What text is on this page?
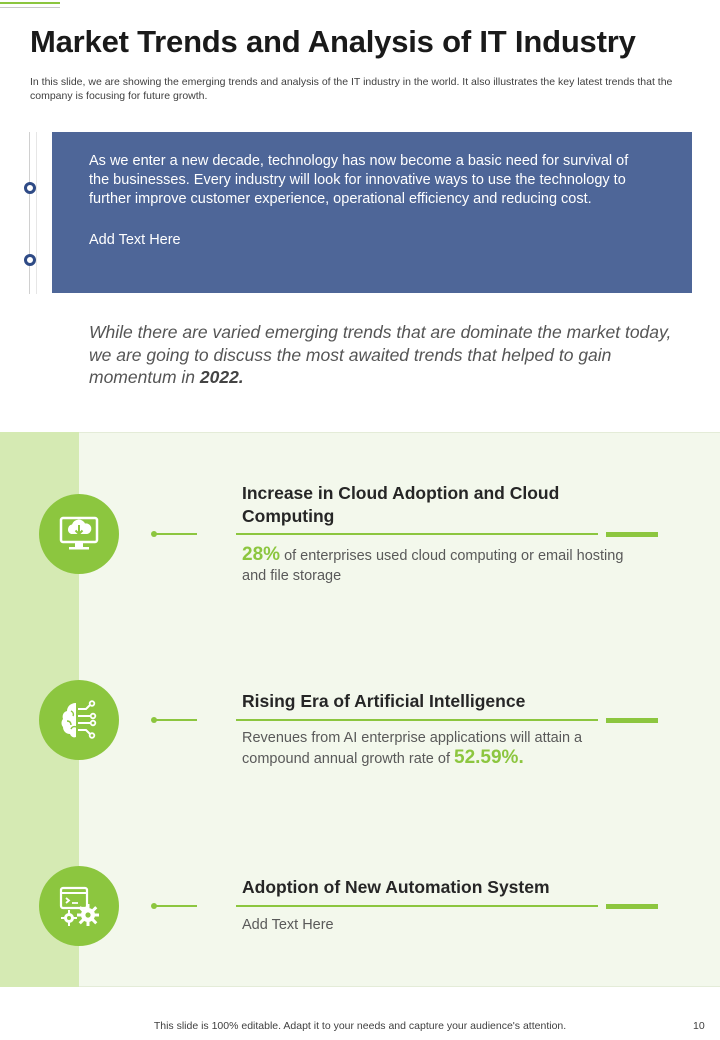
Market Trends and Analysis of IT Industry

In this slide, we are showing the emerging trends and analysis of the IT industry in the world. It also illustrates the key latest trends that the company is focusing for future growth.

As we enter a new decade, technology has now become a basic need for survival of the businesses. Every industry will look for innovative ways to use the technology to further improve customer experience, operational efficiency and reducing cost.

Add Text Here

While there are varied emerging trends that are dominate the market today, we are going to discuss the most awaited trends that helped to gain momentum in 2022.

Increase in Cloud Adoption and Cloud Computing
28% of enterprises used cloud computing or email hosting and file storage
Rising Era of Artificial Intelligence
Revenues from AI enterprise applications will attain a compound annual growth rate of 52.59%.
Adoption of New Automation System
Add Text Here
This slide is 100% editable. Adapt it to your needs and capture your audience's attention.	10
